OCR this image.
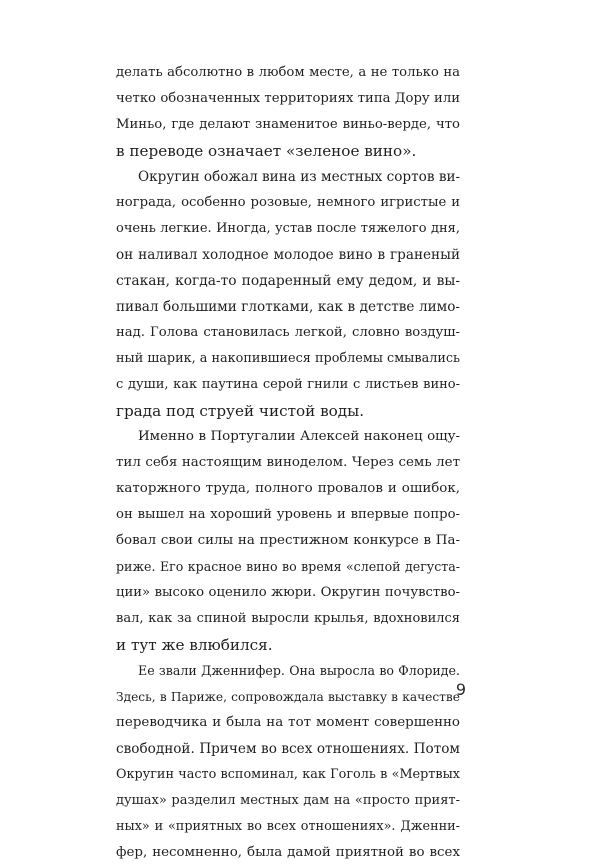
делать абсолютно в любом месте, а не только на
четко обозначенных территориях типа Дору или
Миньо, где делают знаменитое виньо-верде, что
в переводе означает «зеленое вино».
Округин обожал вина из местных сортов ви-
нограда, особенно розовые, немного игристые и
очень легкие. Иногда, устав после тяжелого дня,
он наливал холодное молодое вино в граненый
стакан, когда-то подаренный ему дедом, и вы-
пивал большими глотками, как в детстве лимо-
над. Голова становилась легкой, словно воздуш-
ный шарик, а накопившиеся проблемы смывались
с души, как паутина серой гнили с листьев вино-
града под струей чистой воды.
Именно в Португалии Алексей наконец ощу-
тил себя настоящим виноделом. Через семь лет
каторжного труда, полного провалов и ошибок,
он вышел на хороший уровень и впервые попро-
бовал свои силы на престижном конкурсе в Па-
риже. Его красное вино во время «слепой дегуста-
ции» высоко оценило жюри. Округин почувство-
вал, как за спиной выросли крылья, вдохновился
и тут же влюбился.
Ее звали Дженнифер. Она выросла во Флориде.
Здесь, в Париже, сопровождала выставку в качестве
переводчика и была на тот момент совершенно
свободной. Причем во всех отношениях. Потом
Округин часто вспоминал, как Гоголь в «Мертвых
душах» разделил местных дам на «просто прият-
ных» и «приятных во всех отношениях». Дженни-
фер, несомненно, была дамой приятной во всех
9
